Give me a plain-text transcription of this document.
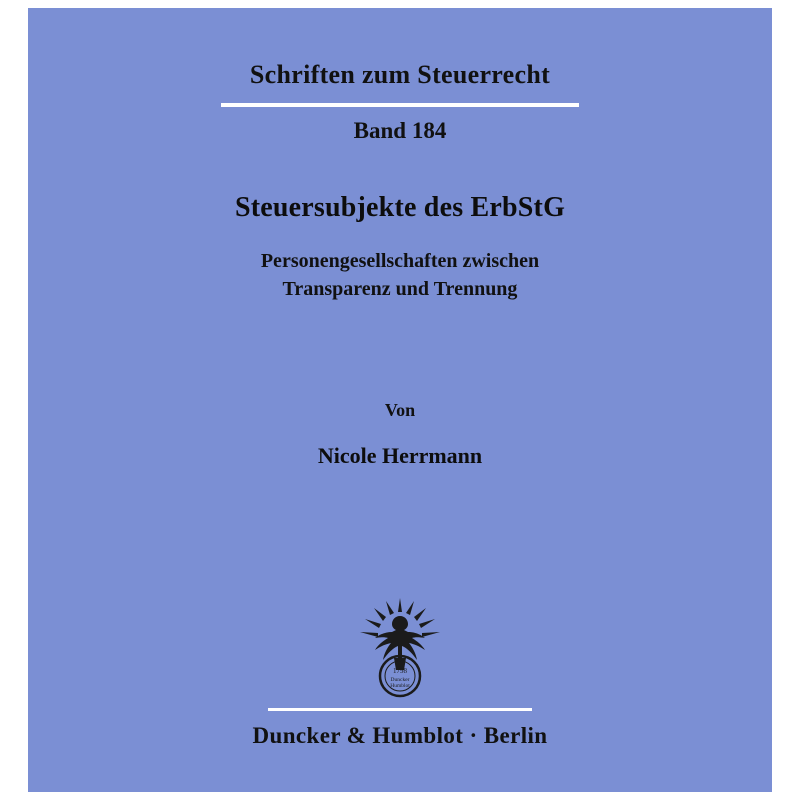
Schriften zum Steuerrecht
Band 184
Steuersubjekte des ErbStG
Personengesellschaften zwischen
Transparenz und Trennung
Von
Nicole Herrmann
1798
Duncker
Humblot
Duncker & Humblot · Berlin
